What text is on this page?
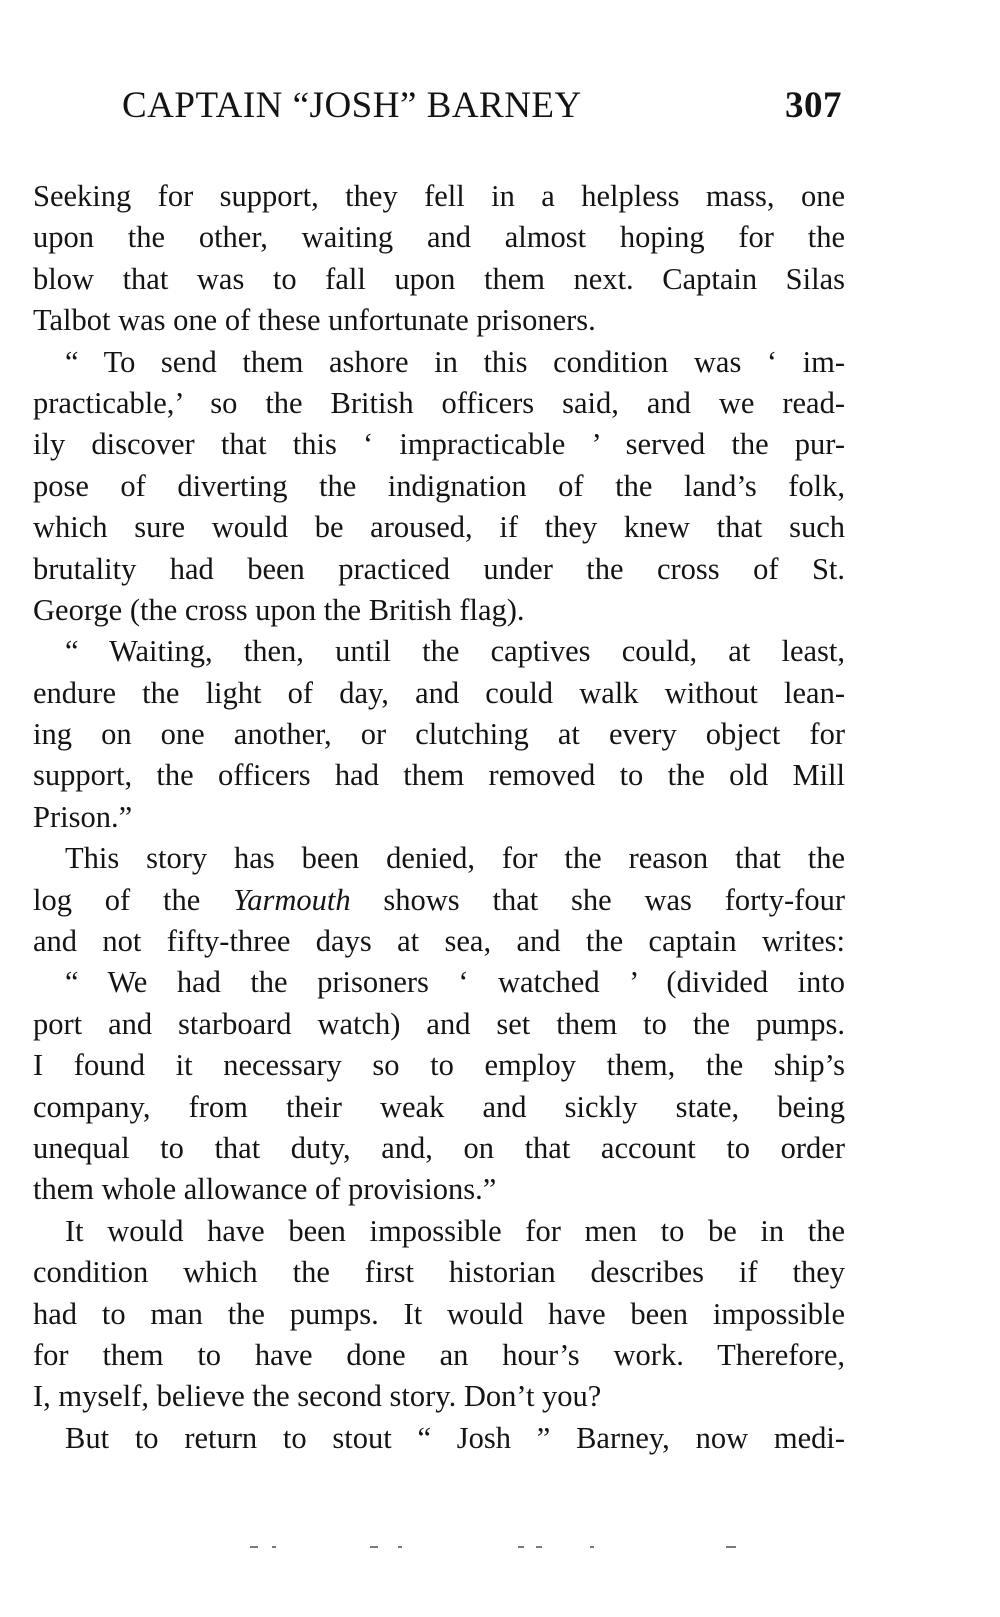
CAPTAIN “JOSH” BARNEY	307
Seeking for support, they fell in a helpless mass, one
upon the other, waiting and almost hoping for the
blow that was to fall upon them next. Captain Silas
Talbot was one of these unfortunate prisoners.
“ To send them ashore in this condition was ‘ im-
practicable,’ so the British officers said, and we read-
ily discover that this ‘ impracticable ’ served the pur-
pose of diverting the indignation of the land’s folk,
which sure would be aroused, if they knew that such
brutality had been practiced under the cross of St.
George (the cross upon the British flag).
“ Waiting, then, until the captives could, at least,
endure the light of day, and could walk without lean-
ing on one another, or clutching at every object for
support, the officers had them removed to the old Mill
Prison.”
This story has been denied, for the reason that the
log of the Yarmouth shows that she was forty-four
and not fifty-three days at sea, and the captain writes:
“ We had the prisoners ‘ watched ’ (divided into
port and starboard watch) and set them to the pumps.
I found it necessary so to employ them, the ship’s
company, from their weak and sickly state, being
unequal to that duty, and, on that account to order
them whole allowance of provisions.”
It would have been impossible for men to be in the
condition which the first historian describes if they
had to man the pumps. It would have been impossible
for them to have done an hour’s work. Therefore,
I, myself, believe the second story. Don’t you?
But to return to stout “ Josh ” Barney, now medi-
